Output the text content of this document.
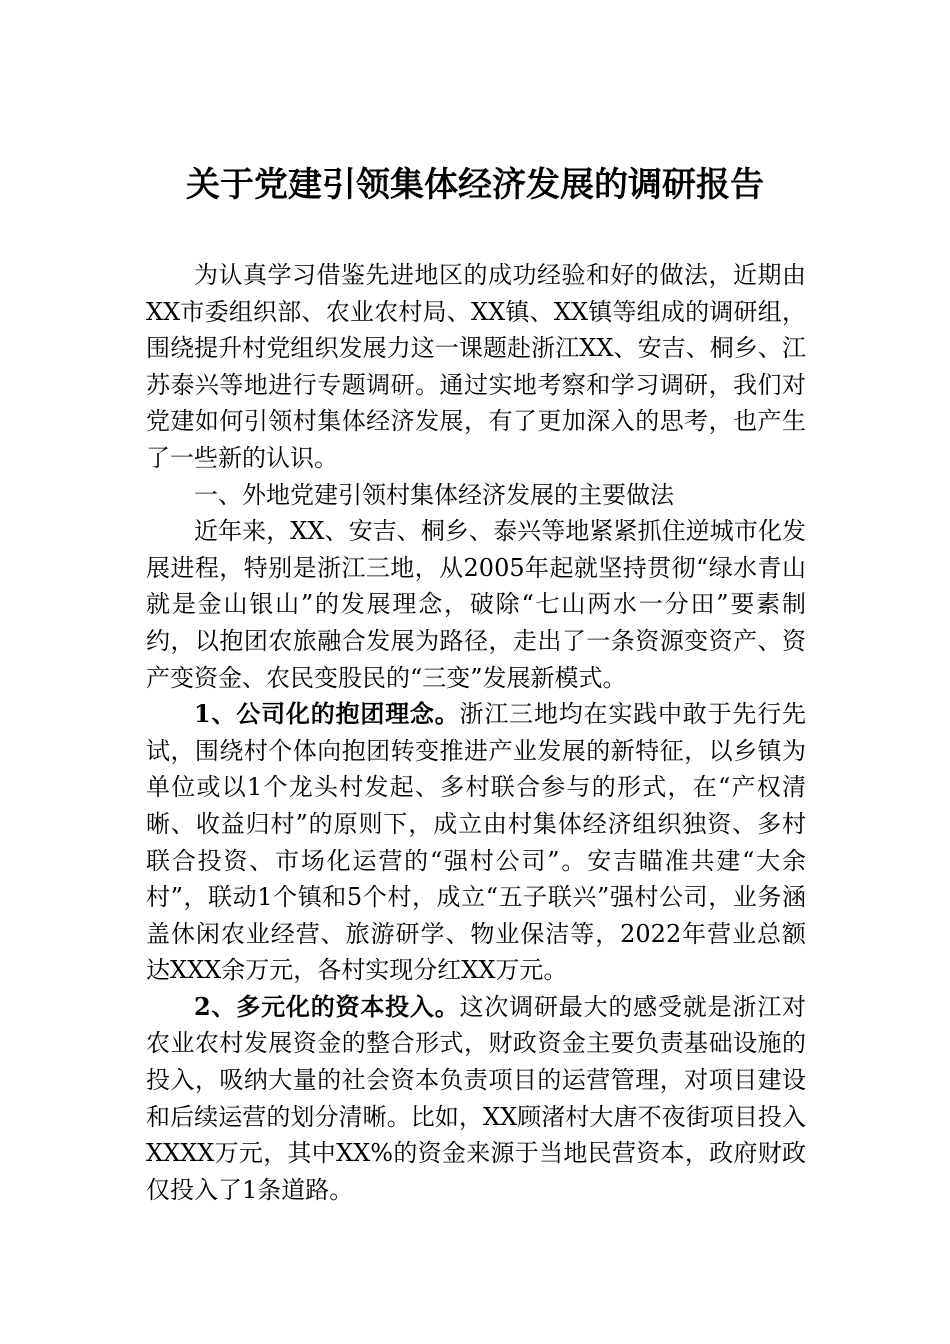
关于党建引领集体经济发展的调研报告

为认真学习借鉴先进地区的成功经验和好的做法，近期由XX市委组织部、农业农村局、XX镇、XX镇等组成的调研组，围绕提升村党组织发展力这一课题赴浙江XX、安吉、桐乡、江苏泰兴等地进行专题调研。通过实地考察和学习调研，我们对党建如何引领村集体经济发展，有了更加深入的思考，也产生了一些新的认识。

一、外地党建引领村集体经济发展的主要做法

近年来，XX、安吉、桐乡、泰兴等地紧紧抓住逆城市化发展进程，特别是浙江三地，从2005年起就坚持贯彻“绿水青山就是金山银山”的发展理念，破除“七山两水一分田”要素制约，以抱团农旅融合发展为路径，走出了一条资源变资产、资产变资金、农民变股民的“三变”发展新模式。

1、公司化的抱团理念。浙江三地均在实践中敢于先行先试，围绕村个体向抱团转变推进产业发展的新特征，以乡镇为单位或以1个龙头村发起、多村联合参与的形式，在“产权清晰、收益归村”的原则下，成立由村集体经济组织独资、多村联合投资、市场化运营的“强村公司”。安吉瞄准共建“大余村”，联动1个镇和5个村，成立“五子联兴”强村公司，业务涵盖休闲农业经营、旅游研学、物业保洁等，2022年营业总额达XXX余万元，各村实现分红XX万元。

2、多元化的资本投入。这次调研最大的感受就是浙江对农业农村发展资金的整合形式，财政资金主要负责基础设施的投入，吸纳大量的社会资本负责项目的运营管理，对项目建设和后续运营的划分清晰。比如，XX顾渚村大唐不夜街项目投入XXXX万元，其中XX%的资金来源于当地民营资本，政府财政仅投入了1条道路。
